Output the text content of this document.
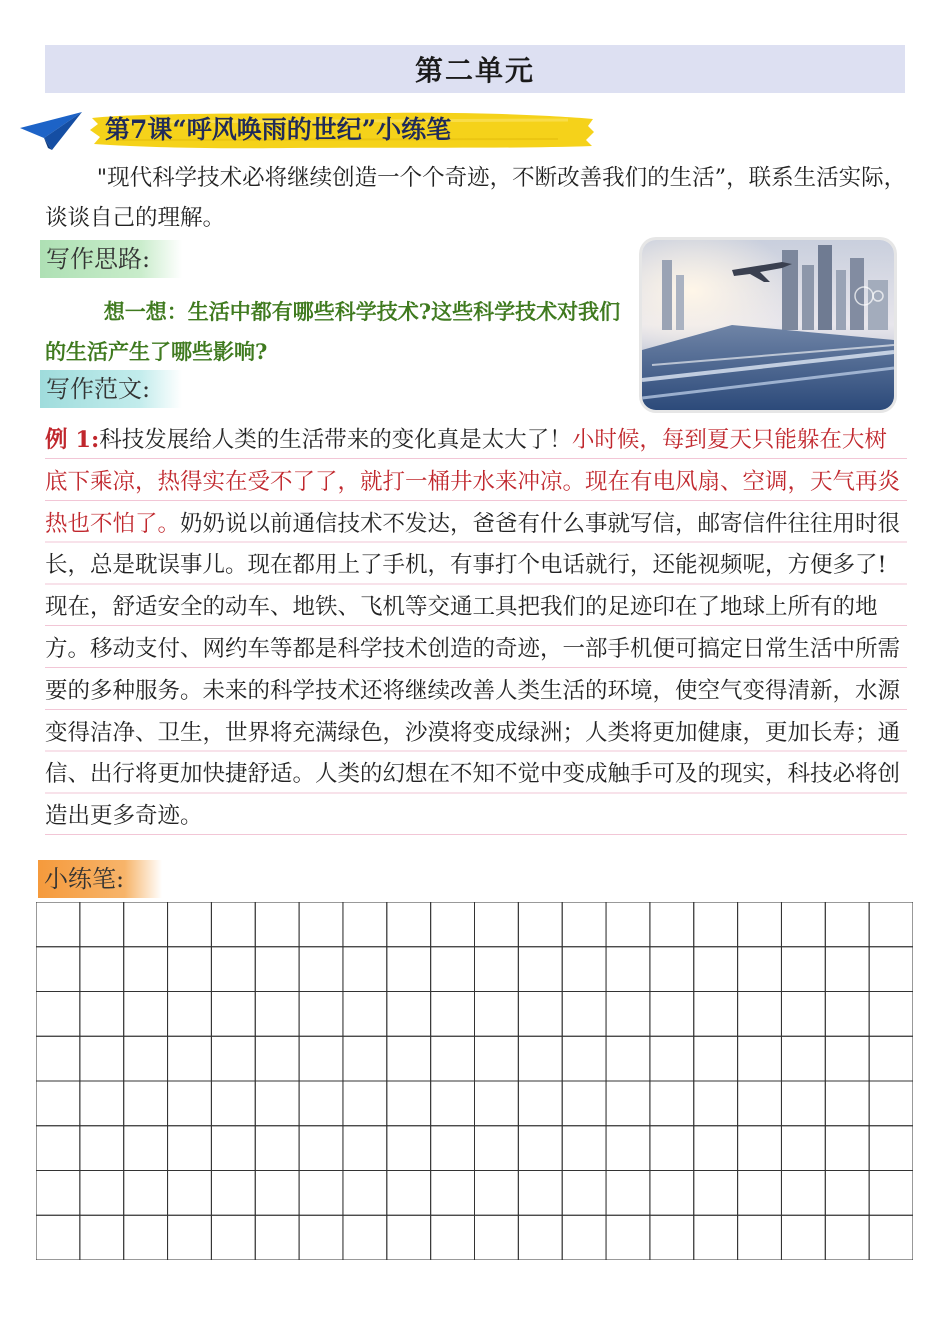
第二单元
第7课“呼风唤雨的世纪”小练笔
"现代科学技术必将继续创造一个个奇迹，不断改善我们的生活”，联系生活实际，谈谈自己的理解。
写作思路:
想一想：生活中都有哪些科学技术?这些科学技术对我们的生活产生了哪些影响?
写作范文:
例 1:科技发展给人类的生活带来的变化真是太大了！小时候，每到夏天只能躲在大树底下乘凉，热得实在受不了了，就打一桶井水来冲凉。现在有电风扇、空调，天气再炎热也不怕了。奶奶说以前通信技术不发达，爸爸有什么事就写信，邮寄信件往往用时很长，总是耽误事儿。现在都用上了手机，有事打个电话就行，还能视频呢，方便多了!现在，舒适安全的动车、地铁、飞机等交通工具把我们的足迹印在了地球上所有的地方。移动支付、网约车等都是科学技术创造的奇迹，一部手机便可搞定日常生活中所需要的多种服务。未来的科学技术还将继续改善人类生活的环境，使空气变得清新，水源变得洁净、卫生，世界将充满绿色，沙漠将变成绿洲；人类将更加健康，更加长寿；通信、出行将更加快捷舒适。人类的幻想在不知不觉中变成触手可及的现实，科技必将创造出更多奇迹。
小练笔:
